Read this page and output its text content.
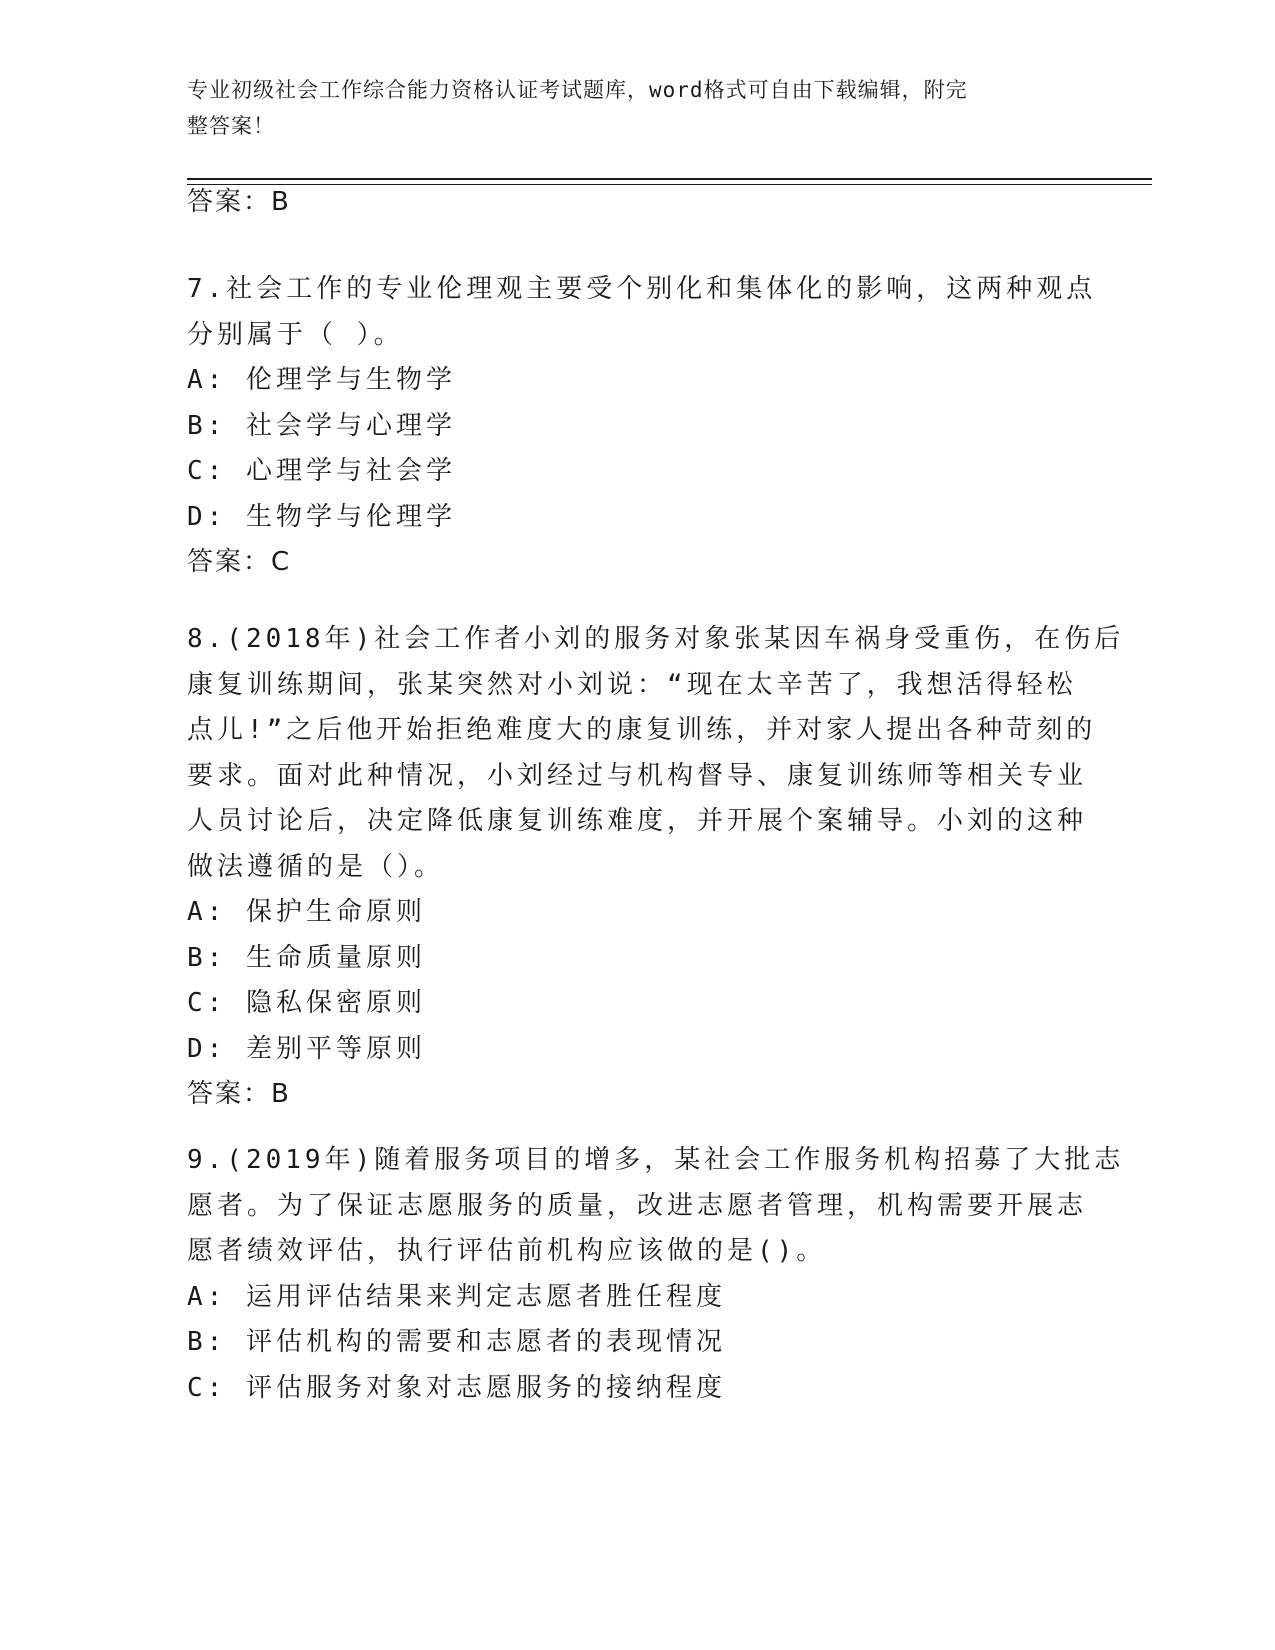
专业初级社会工作综合能力资格认证考试题库，word格式可自由下载编辑，附完
整答案！
答案：B
7.社会工作的专业伦理观主要受个别化和集体化的影响，这两种观点
分别属于（ ）。
A: 伦理学与生物学
B: 社会学与心理学
C: 心理学与社会学
D: 生物学与伦理学
答案：C
8.(2018年)社会工作者小刘的服务对象张某因车祸身受重伤，在伤后
康复训练期间，张某突然对小刘说：“现在太辛苦了，我想活得轻松
点儿!”之后他开始拒绝难度大的康复训练，并对家人提出各种苛刻的
要求。面对此种情况，小刘经过与机构督导、康复训练师等相关专业
人员讨论后，决定降低康复训练难度，并开展个案辅导。小刘的这种
做法遵循的是（）。
A: 保护生命原则
B: 生命质量原则
C: 隐私保密原则
D: 差别平等原则
答案：B
9.(2019年)随着服务项目的增多，某社会工作服务机构招募了大批志
愿者。为了保证志愿服务的质量，改进志愿者管理，机构需要开展志
愿者绩效评估，执行评估前机构应该做的是()。
A: 运用评估结果来判定志愿者胜任程度
B: 评估机构的需要和志愿者的表现情况
C: 评估服务对象对志愿服务的接纳程度
